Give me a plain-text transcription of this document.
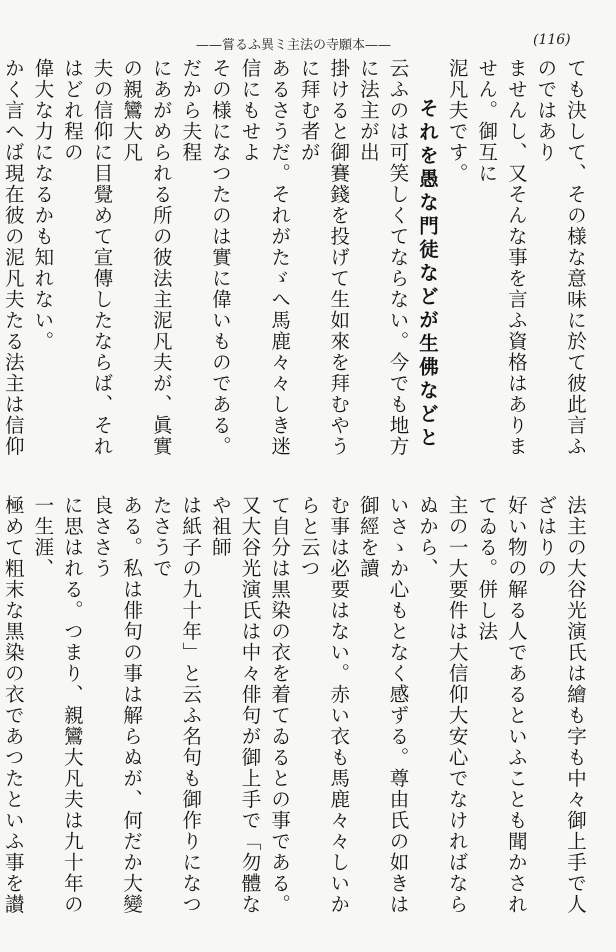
——嘗るふ異ミ主法の寺願本——	(116)
ても決して、その様な意味に於て彼此言ふのではあり
ませんし、又そんな事を言ふ資格はありません。御互に
泥凡夫です。
それを愚な門徒などが生佛などと
云ふのは可笑しくてならない。今でも地方に法主が出
掛けると御賽錢を投げて生如來を拜むやうに拜む者が
あるさうだ。それがたゞへ馬鹿々々しき迷信にもせよ
その様になつたのは實に偉いものである。だから夫程
にあがめられる所の彼法主泥凡夫が、眞實の親鸞大凡
夫の信仰に目覺めて宣傳したならば、それはどれ程の
偉大な力になるかも知れない。
かく言へば現在彼の泥凡夫たる法主は信仰
法主の大谷光演氏は繪も字も中々御上手で人ざはりの
好い物の解る人であるといふことも聞かされてゐる。併し法
主の一大要件は大信仰大安心でなければならぬから、
いさゝか心もとなく感ずる。尊由氏の如きは御經を讀
む事は必要はない。赤い衣も馬鹿々々しいからと云つ
て自分は黒染の衣を着てゐるとの事である。
又大谷光演氏は中々俳句が御上手で「勿體なや祖師
は紙子の九十年」と云ふ名句も御作りになつたさうで
ある。私は俳句の事は解らぬが、何だか大變良ささう
に思はれる。つまり、親鸞大凡夫は九十年の一生涯、
極めて粗末な黒染の衣であつたといふ事を讃
